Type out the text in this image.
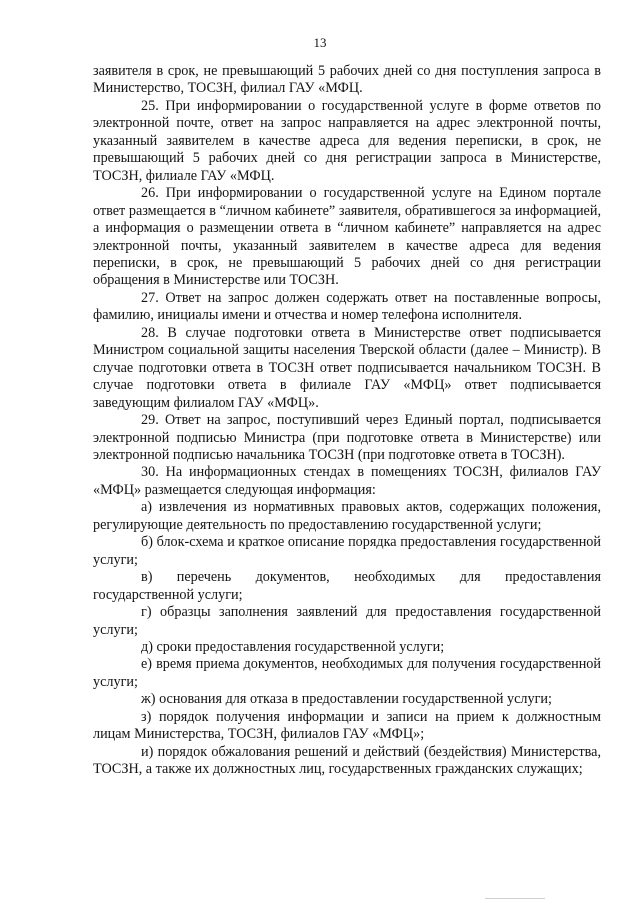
13

заявителя в срок, не превышающий 5 рабочих дней со дня поступления запроса в Министерство, ТОСЗН, филиал ГАУ «МФЦ.

25. При информировании о государственной услуге в форме ответов по электронной почте, ответ на запрос направляется на адрес электронной почты, указанный заявителем в качестве адреса для ведения переписки, в срок, не превышающий 5 рабочих дней со дня регистрации запроса в Министерстве, ТОСЗН, филиале ГАУ «МФЦ.

26. При информировании о государственной услуге на Едином портале ответ размещается в “личном кабинете” заявителя, обратившегося за информацией, а информация о размещении ответа в “личном кабинете” направляется на адрес электронной почты, указанный заявителем в качестве адреса для ведения переписки, в срок, не превышающий 5 рабочих дней со дня регистрации обращения в Министерстве или ТОСЗН.

27. Ответ на запрос должен содержать ответ на поставленные вопросы, фамилию, инициалы имени и отчества и номер телефона исполнителя.

28. В случае подготовки ответа в Министерстве ответ подписывается Министром социальной защиты населения Тверской области (далее – Министр). В случае подготовки ответа в ТОСЗН ответ подписывается начальником ТОСЗН. В случае подготовки ответа в филиале ГАУ «МФЦ» ответ подписывается заведующим филиалом ГАУ «МФЦ».

29. Ответ на запрос, поступивший через Единый портал, подписывается электронной подписью Министра (при подготовке ответа в Министерстве) или электронной подписью начальника ТОСЗН (при подготовке ответа в ТОСЗН).

30. На информационных стендах в помещениях ТОСЗН, филиалов ГАУ «МФЦ» размещается следующая информация:

а) извлечения из нормативных правовых актов, содержащих положения, регулирующие деятельность по предоставлению государственной услуги;

б) блок-схема и краткое описание порядка предоставления государственной услуги;

в) перечень документов, необходимых для предоставления государственной услуги;

г) образцы заполнения заявлений для предоставления государственной услуги;

д) сроки предоставления государственной услуги;

е) время приема документов, необходимых для получения государственной услуги;

ж) основания для отказа в предоставлении государственной услуги;

з) порядок получения информации и записи на прием к должностным лицам Министерства, ТОСЗН, филиалов ГАУ «МФЦ»;

и) порядок обжалования решений и действий (бездействия) Министерства, ТОСЗН, а также их должностных лиц, государственных гражданских служащих;
